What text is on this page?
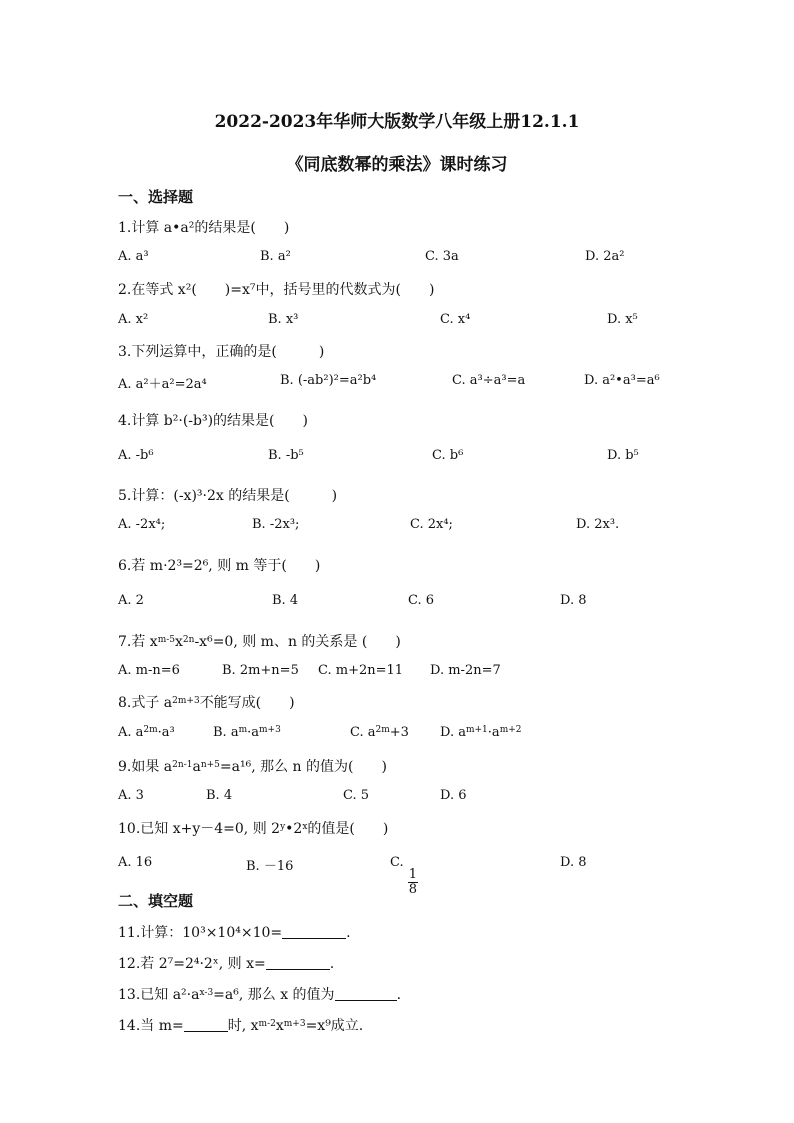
2022-2023年华师大版数学八年级上册12.1.1
《同底数幂的乘法》课时练习
一、选择题
1.计算 a•a²的结果是(　　)
A. a³	B. a²	C. 3a	D. 2a²
2.在等式 x²(　　)=x⁷中，括号里的代数式为(　　)
A. x²	B. x³	C. x⁴	D. x⁵
3.下列运算中，正确的是(　　　)
A. a²＋a²=2a⁴	B. (-ab²)²=a²b⁴	C. a³÷a³=a	D. a²•a³=a⁶
4.计算 b²·(-b³)的结果是(　　)
A. -b⁶	B. -b⁵	C. b⁶	D. b⁵
5.计算：(-x)³·2x 的结果是(　　　)
A. -2x⁴;	B. -2x³;	C. 2x⁴;	D. 2x³.
6.若 m·2³=2⁶, 则 m 等于(　　)
A. 2	B. 4	C. 6	D. 8
7.若 $x^{m-5}x^{2n}-x^6=0$, 则 m、n 的关系是 (　　)
A. m-n=6	B. 2m+n=5 C. m+2n=11 D. m-2n=7
8.式子 $a^{2m+3}$不能写成(　　)
A. $a^{2m}\cdot a^3$	B. $a^m\cdot a^{m+3}$	C. $a^{2m}+3$ D. $a^{m+1}\cdot a^{m+2}$
9.如果 $a^{2n-1}a^{n+5}=a^{16}$, 那么 n 的值为(　　)
A. 3	B. 4	C. 5	D. 6
10.已知 x+y－4=0, 则 2$^y$•2$^x$的值是(　　)
A. 16	B. －16	C.
$\frac{1}{8}$
D. 8
二、填空题
11.计算：10³×10⁴×10=	.
12.若 2⁷=2⁴·2ˣ, 则 x=	.
13.已知 $a^2\cdot a^{x-3}=a^6$, 那么 x 的值为	.
14.当 m=	时, $x^{m-2}x^{m+3}=x^9$成立.
